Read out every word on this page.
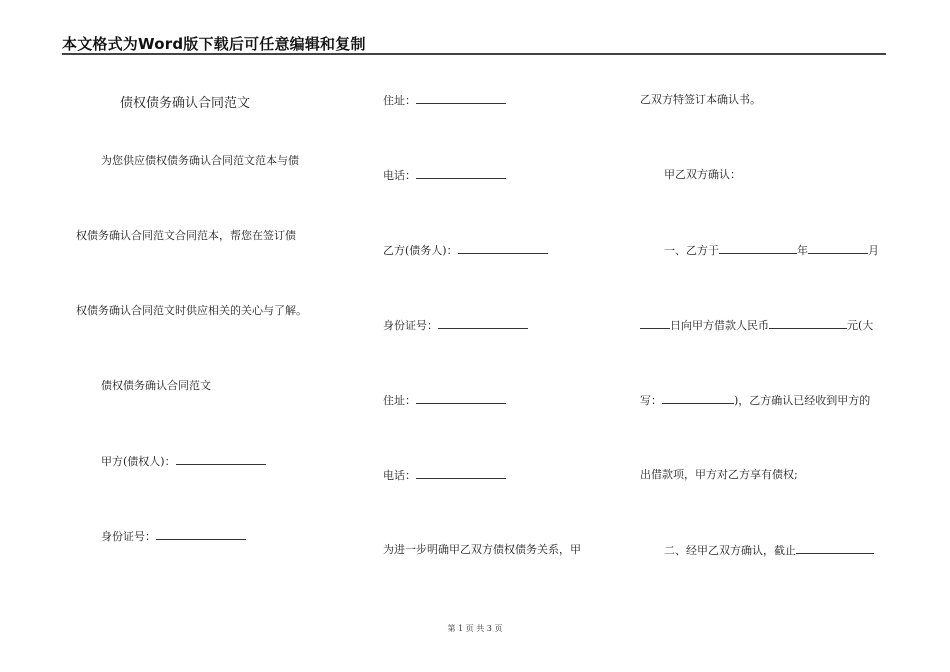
本文格式为Word版下载后可任意编辑和复制
债权债务确认合同范文
为您供应债权债务确认合同范文范本与债
权债务确认合同范文合同范本，帮您在签订债
权债务确认合同范文时供应相关的关心与了解。
债权债务确认合同范文
甲方(债权人)：
身份证号：
住址：
电话：
乙方(债务人)：
身份证号：
住址：
电话：
为进一步明确甲乙双方债权债务关系，甲
乙双方特签订本确认书。
甲乙双方确认：
一、乙方于	年	月
日向甲方借款人民币	元(大
写：	)，乙方确认已经收到甲方的
出借款项，甲方对乙方享有债权;
二、经甲乙双方确认，截止
第 1 页 共 3 页
